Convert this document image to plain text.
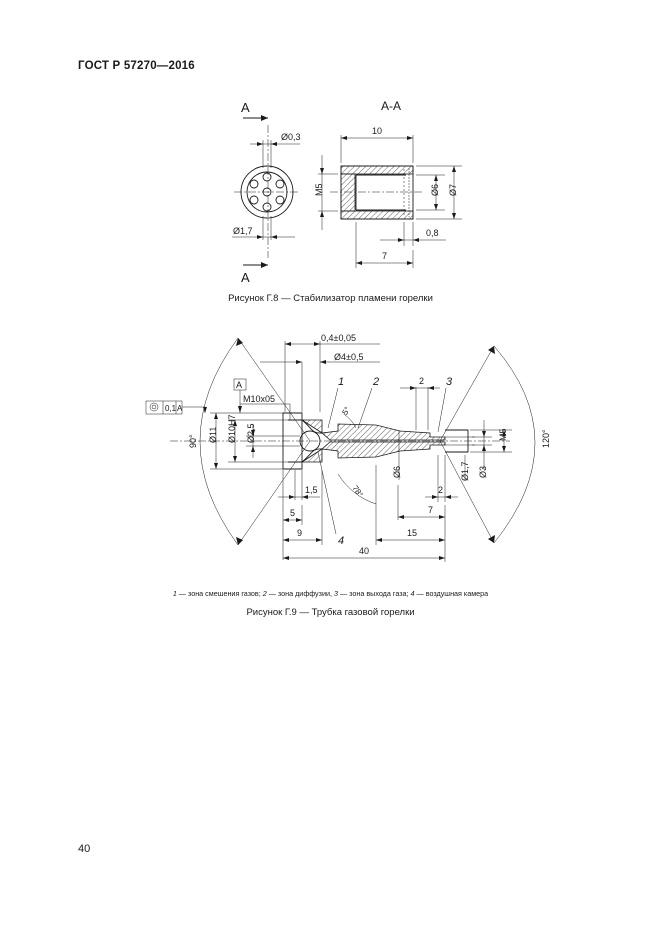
ГОСТ Р 57270—2016
А
А
А-А
Ø0,3
Ø1,7
10
М5	Ø6 Ø7
0,8
7
90°	120°
0,4±0,05
Ø4±0,5
А
М10х05
0,1 А
Ø11 Ø10Н7 Ø2,5	М5
Ø3
Ø1,7
Ø6
5°
78°
2
2
7
1,5
5
9	15
40
1	2	3
4
Рисунок Г.8 — Стабилизатор пламени горелки
1 — зона смешения газов; 2 — зона диффузии, 3 — зона выхода газа; 4 — воздушная камера
Рисунок Г.9 — Трубка газовой горелки
40
